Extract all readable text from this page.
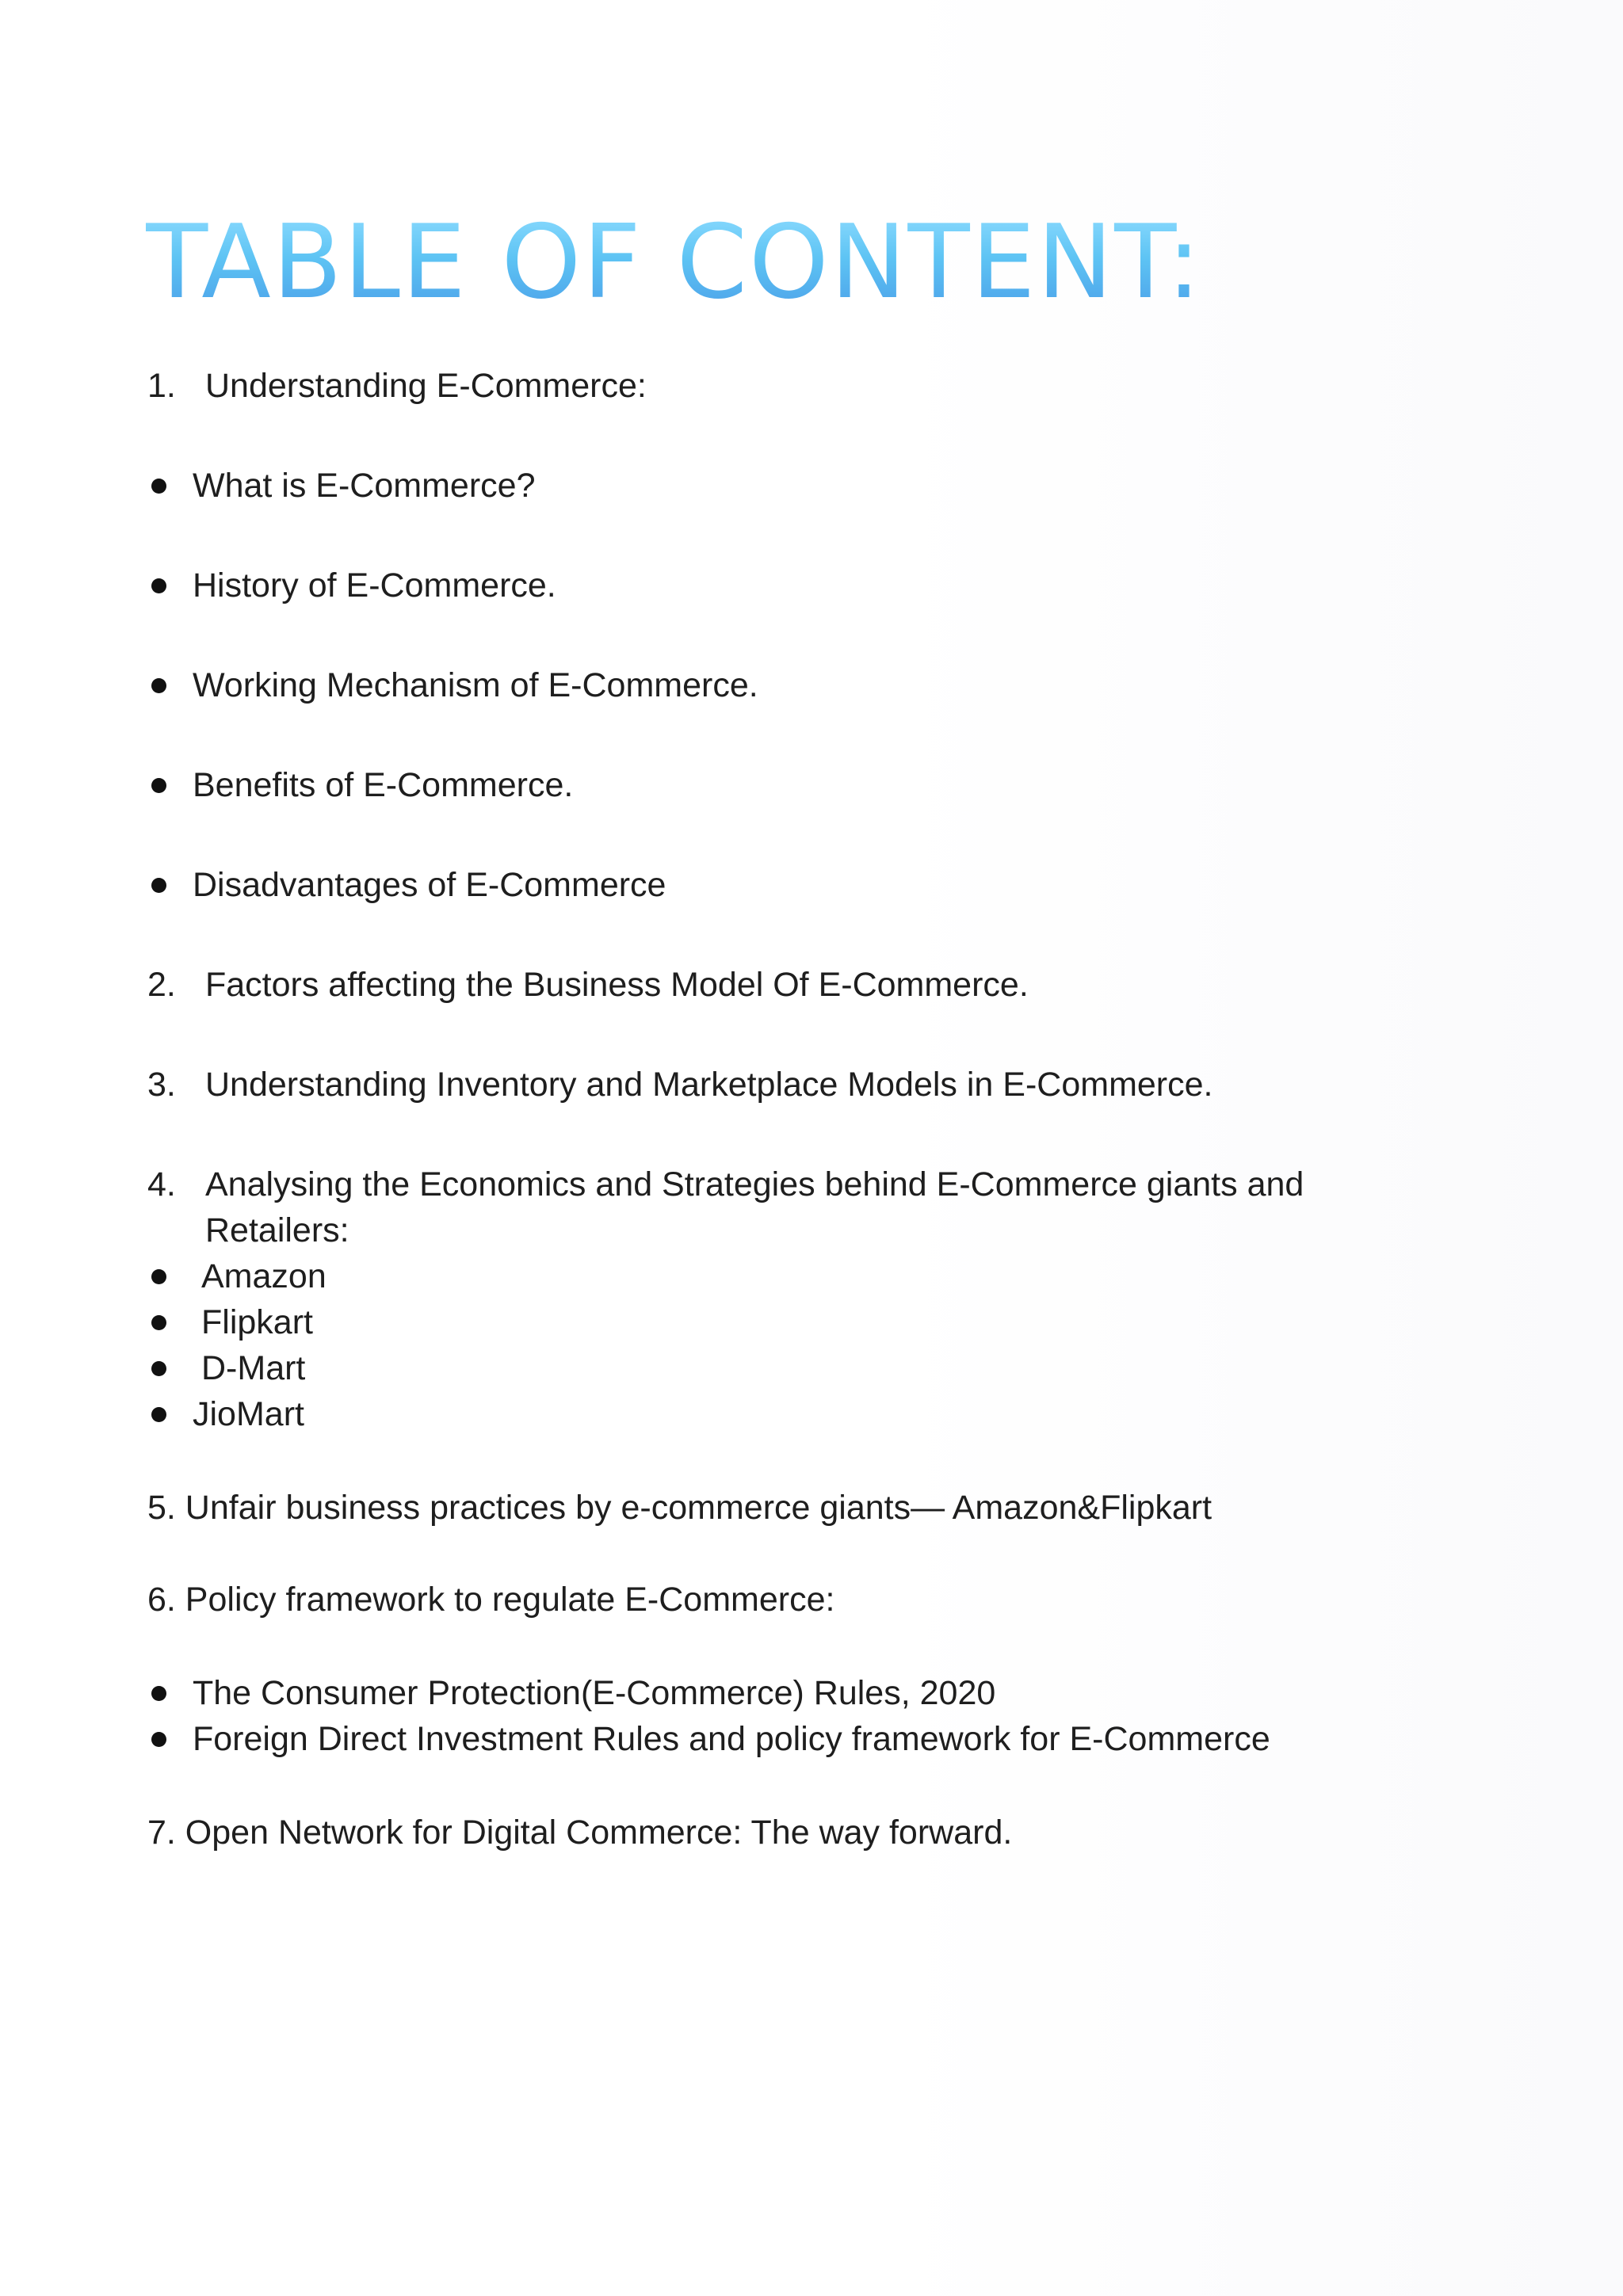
TABLE OF CONTENT:
1. Understanding E-Commerce:
What is E-Commerce?
History of E-Commerce.
Working Mechanism of E-Commerce.
Benefits of E-Commerce.
Disadvantages of E-Commerce
2. Factors affecting the Business Model Of E-Commerce.
3. Understanding Inventory and Marketplace Models in E-Commerce.
4. Analysing the Economics and Strategies behind E-Commerce giants and
Retailers:
Amazon
Flipkart
D-Mart
JioMart
5. Unfair business practices by e-commerce giants— Amazon&Flipkart
6. Policy framework to regulate E-Commerce:
The Consumer Protection(E-Commerce) Rules, 2020
Foreign Direct Investment Rules and policy framework for E-Commerce
7. Open Network for Digital Commerce: The way forward.
